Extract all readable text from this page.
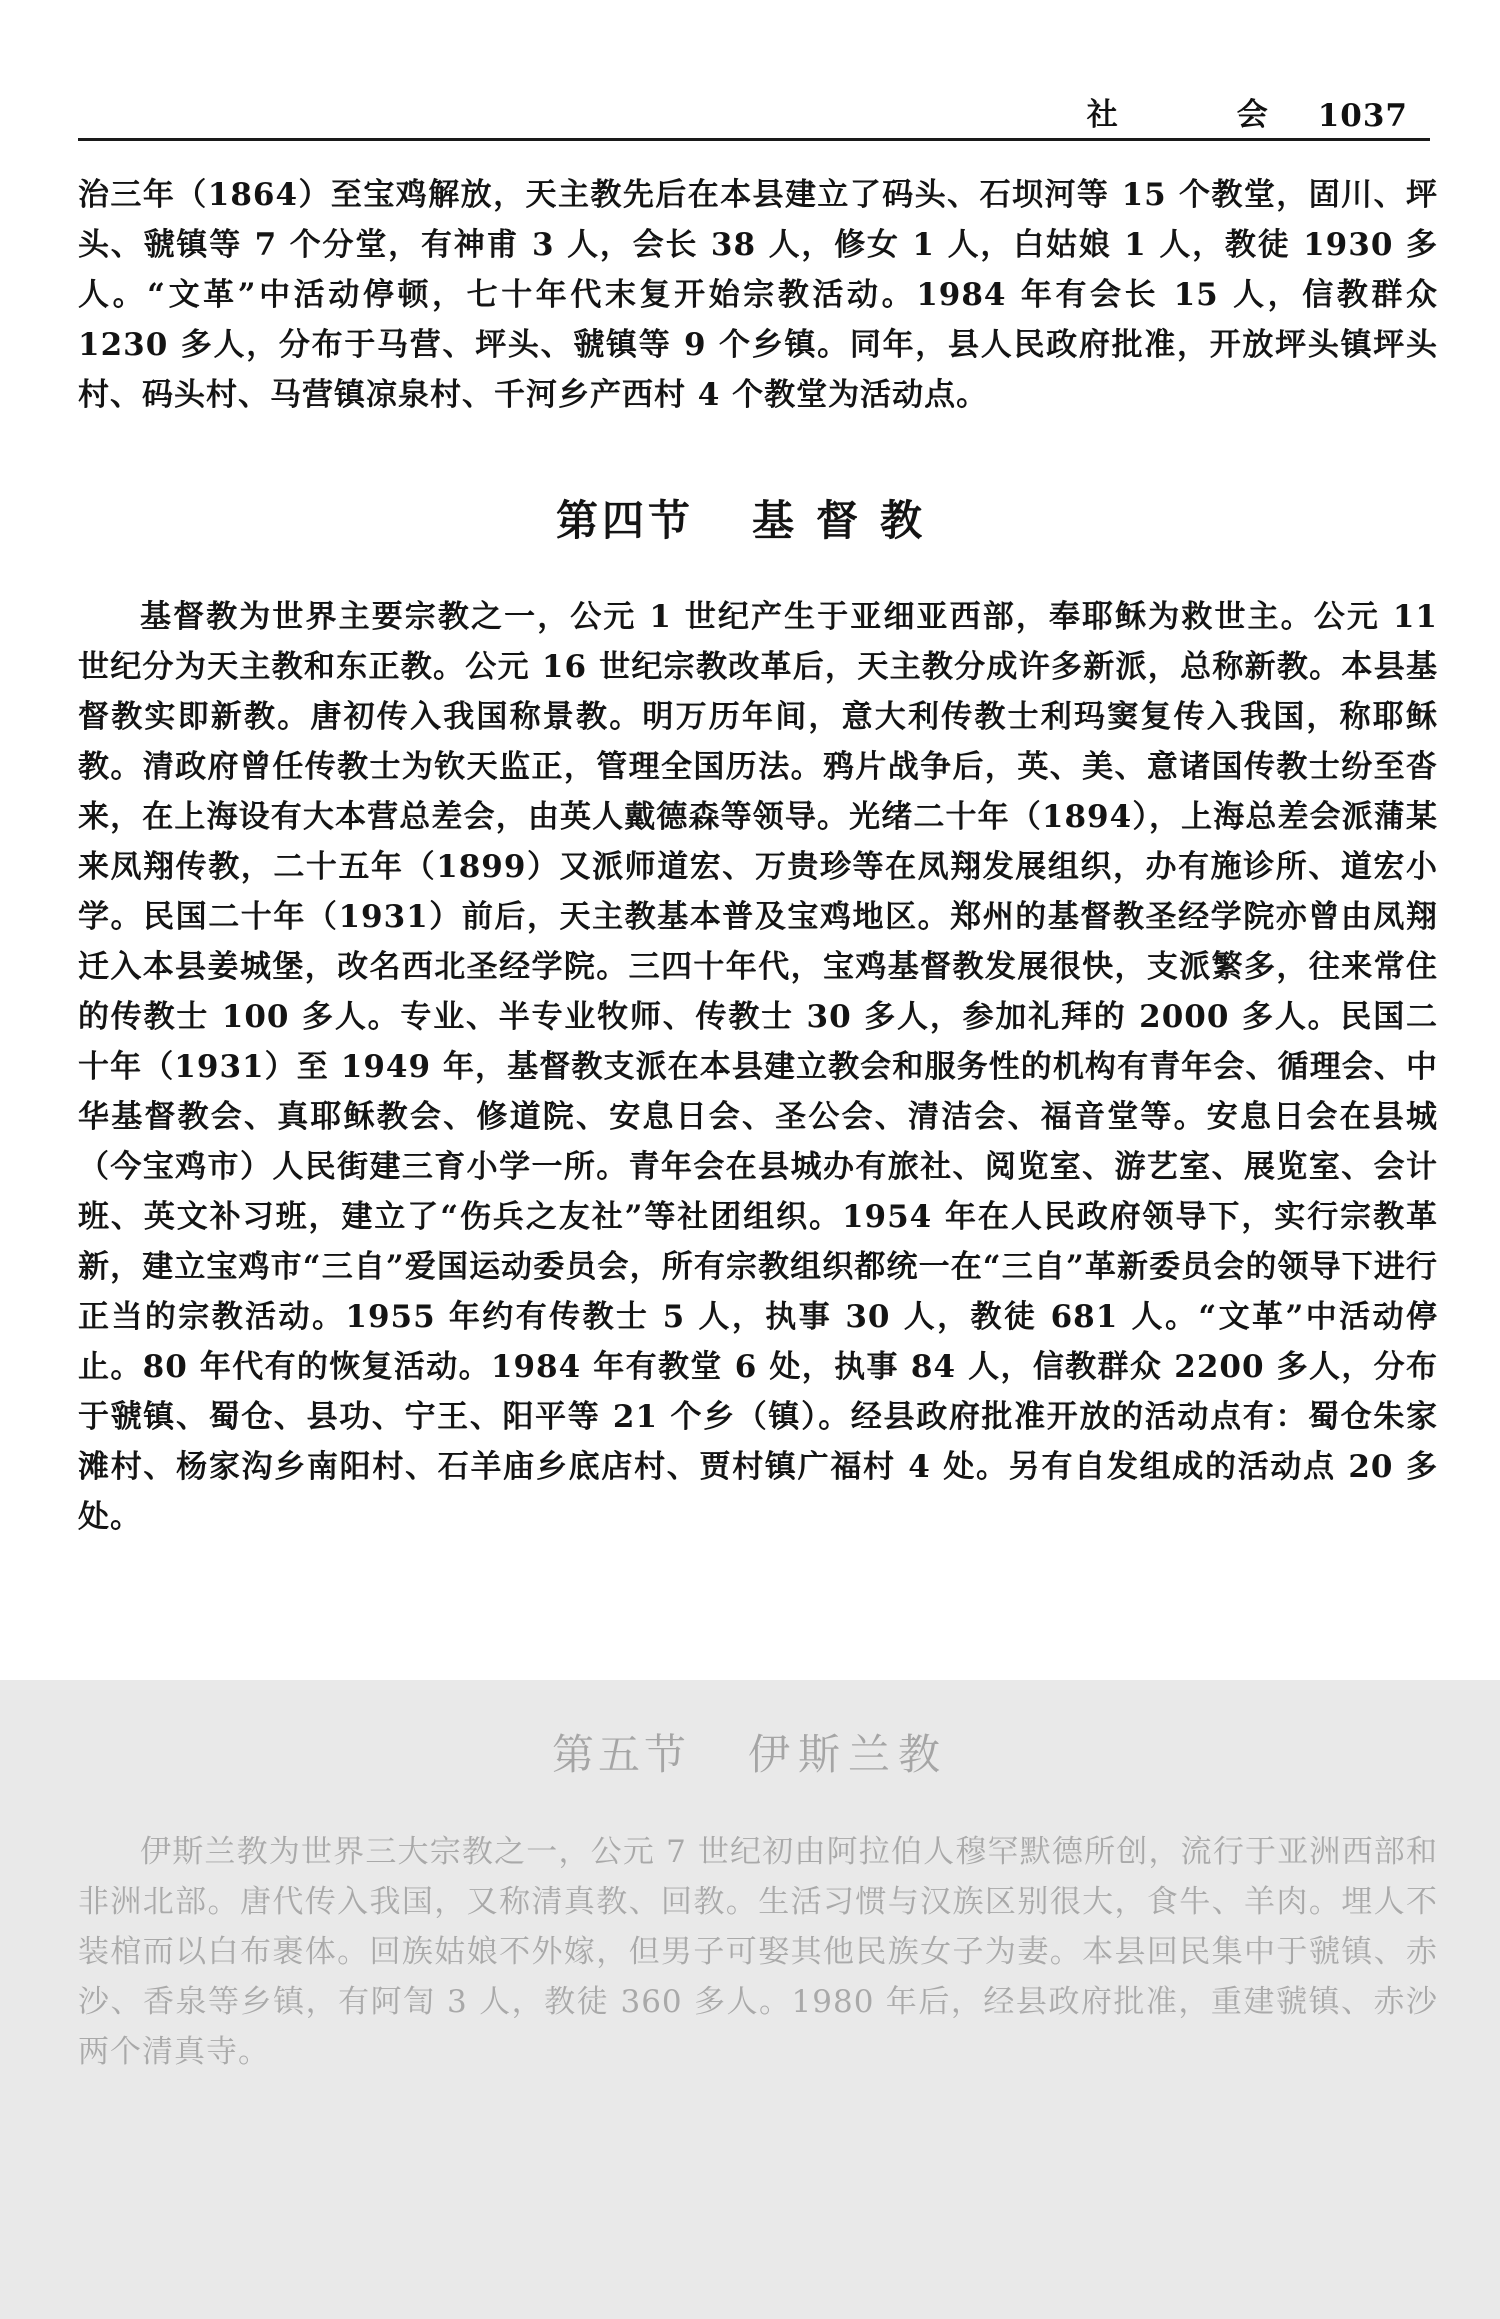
社　会 1037
治三年（1864）至宝鸡解放，天主教先后在本县建立了码头、石坝河等 15 个教堂，固川、坪头、虢镇等 7 个分堂，有神甫 3 人，会长 38 人，修女 1 人，白姑娘 1 人，教徒 1930 多人。“文革”中活动停顿，七十年代末复开始宗教活动。1984 年有会长 15 人，信教群众 1230 多人，分布于马营、坪头、虢镇等 9 个乡镇。同年，县人民政府批准，开放坪头镇坪头村、码头村、马营镇凉泉村、千河乡产西村 4 个教堂为活动点。
第四节 基督教
基督教为世界主要宗教之一，公元 1 世纪产生于亚细亚西部，奉耶稣为救世主。公元 11 世纪分为天主教和东正教。公元 16 世纪宗教改革后，天主教分成许多新派，总称新教。本县基督教实即新教。唐初传入我国称景教。明万历年间，意大利传教士利玛窦复传入我国，称耶稣教。清政府曾任传教士为钦天监正，管理全国历法。鸦片战争后，英、美、意诸国传教士纷至沓来，在上海设有大本营总差会，由英人戴德森等领导。光绪二十年（1894），上海总差会派蒲某来凤翔传教，二十五年（1899）又派师道宏、万贵珍等在凤翔发展组织，办有施诊所、道宏小学。民国二十年（1931）前后，天主教基本普及宝鸡地区。郑州的基督教圣经学院亦曾由凤翔迁入本县姜城堡，改名西北圣经学院。三四十年代，宝鸡基督教发展很快，支派繁多，往来常住的传教士 100 多人。专业、半专业牧师、传教士 30 多人，参加礼拜的 2000 多人。民国二十年（1931）至 1949 年，基督教支派在本县建立教会和服务性的机构有青年会、循理会、中华基督教会、真耶稣教会、修道院、安息日会、圣公会、清洁会、福音堂等。安息日会在县城（今宝鸡市）人民街建三育小学一所。青年会在县城办有旅社、阅览室、游艺室、展览室、会计班、英文补习班，建立了“伤兵之友社”等社团组织。1954 年在人民政府领导下，实行宗教革新，建立宝鸡市“三自”爱国运动委员会，所有宗教组织都统一在“三自”革新委员会的领导下进行正当的宗教活动。1955 年约有传教士 5 人，执事 30 人，教徒 681 人。“文革”中活动停止。80 年代有的恢复活动。1984 年有教堂 6 处，执事 84 人，信教群众 2200 多人，分布于虢镇、蜀仓、县功、宁王、阳平等 21 个乡（镇）。经县政府批准开放的活动点有：蜀仓朱家滩村、杨家沟乡南阳村、石羊庙乡底店村、贾村镇广福村 4 处。另有自发组成的活动点 20 多处。
第五节 伊斯兰教
伊斯兰教为世界三大宗教之一，公元 7 世纪初由阿拉伯人穆罕默德所创，流行于亚洲西部和非洲北部。唐代传入我国，又称清真教、回教。生活习惯与汉族区别很大，食牛、羊肉。埋人不装棺而以白布裹体。回族姑娘不外嫁，但男子可娶其他民族女子为妻。本县回民集中于虢镇、赤沙、香泉等乡镇，有阿訇 3 人，教徒 360 多人。1980 年后，经县政府批准，重建虢镇、赤沙两个清真寺。
